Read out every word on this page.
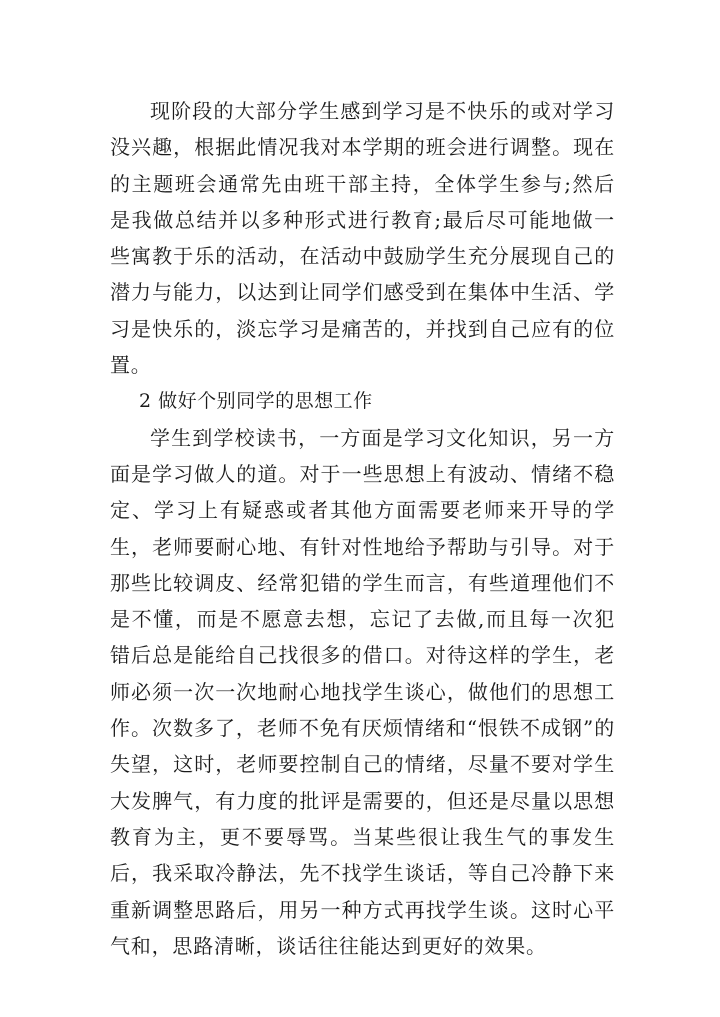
现阶段的大部分学生感到学习是不快乐的或对学习没兴趣，根据此情况我对本学期的班会进行调整。现在的主题班会通常先由班干部主持，全体学生参与;然后是我做总结并以多种形式进行教育;最后尽可能地做一些寓教于乐的活动，在活动中鼓励学生充分展现自己的潜力与能力，以达到让同学们感受到在集体中生活、学习是快乐的，淡忘学习是痛苦的，并找到自己应有的位置。

2 做好个别同学的思想工作

学生到学校读书，一方面是学习文化知识，另一方面是学习做人的道。对于一些思想上有波动、情绪不稳定、学习上有疑惑或者其他方面需要老师来开导的学生，老师要耐心地、有针对性地给予帮助与引导。对于那些比较调皮、经常犯错的学生而言，有些道理他们不是不懂，而是不愿意去想，忘记了去做,而且每一次犯错后总是能给自己找很多的借口。对待这样的学生，老师必须一次一次地耐心地找学生谈心，做他们的思想工作。次数多了，老师不免有厌烦情绪和“恨铁不成钢”的失望，这时，老师要控制自己的情绪，尽量不要对学生大发脾气，有力度的批评是需要的，但还是尽量以思想教育为主，更不要辱骂。当某些很让我生气的事发生后，我采取冷静法，先不找学生谈话，等自己冷静下来重新调整思路后，用另一种方式再找学生谈。这时心平气和，思路清晰，谈话往往能达到更好的效果。
